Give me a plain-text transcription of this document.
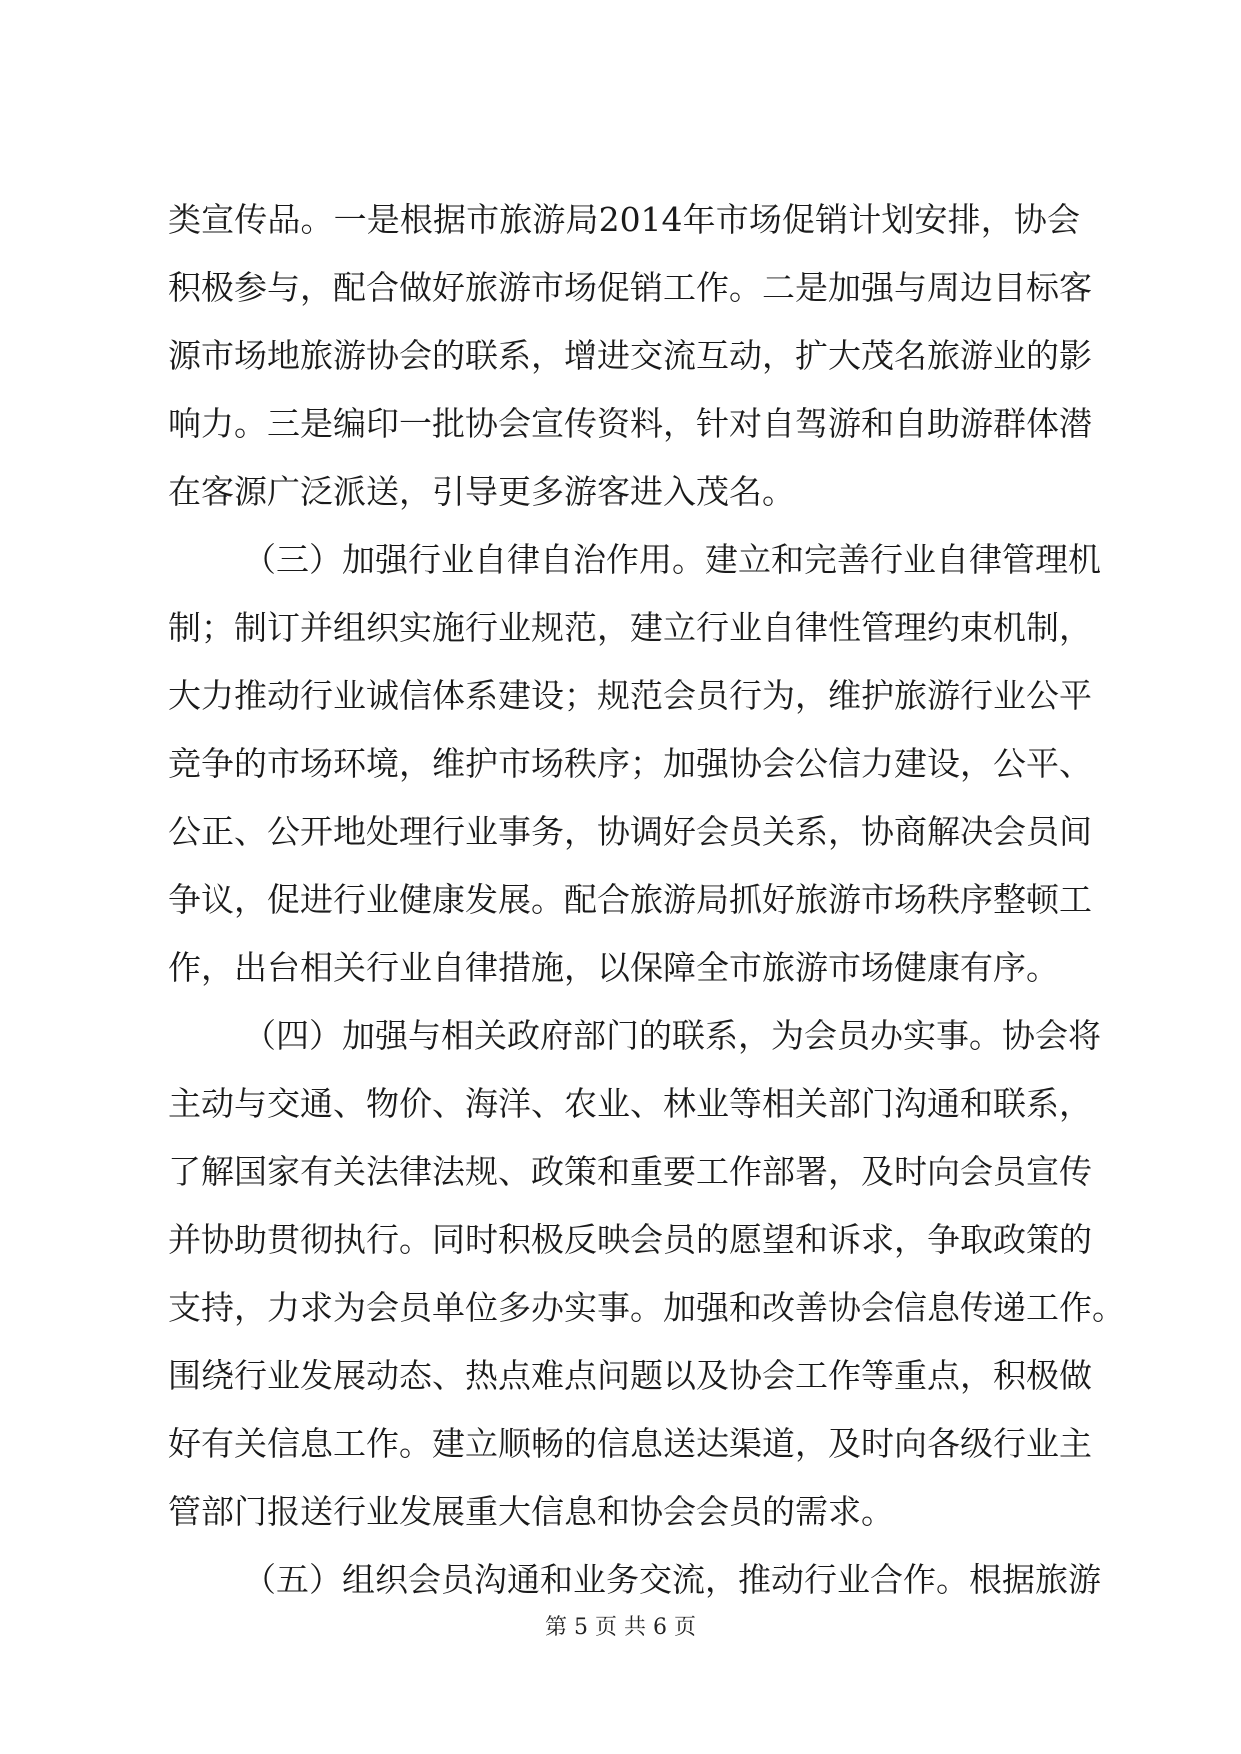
类宣传品。一是根据市旅游局2014年市场促销计划安排，协会
积极参与，配合做好旅游市场促销工作。二是加强与周边目标客
源市场地旅游协会的联系，增进交流互动，扩大茂名旅游业的影
响力。三是编印一批协会宣传资料，针对自驾游和自助游群体潜
在客源广泛派送，引导更多游客进入茂名。
（三）加强行业自律自治作用。建立和完善行业自律管理机
制；制订并组织实施行业规范，建立行业自律性管理约束机制，
大力推动行业诚信体系建设；规范会员行为，维护旅游行业公平
竞争的市场环境，维护市场秩序；加强协会公信力建设，公平、
公正、公开地处理行业事务，协调好会员关系，协商解决会员间
争议，促进行业健康发展。配合旅游局抓好旅游市场秩序整顿工
作，出台相关行业自律措施，以保障全市旅游市场健康有序。
（四）加强与相关政府部门的联系，为会员办实事。协会将
主动与交通、物价、海洋、农业、林业等相关部门沟通和联系，
了解国家有关法律法规、政策和重要工作部署，及时向会员宣传
并协助贯彻执行。同时积极反映会员的愿望和诉求，争取政策的
支持，力求为会员单位多办实事。加强和改善协会信息传递工作。
围绕行业发展动态、热点难点问题以及协会工作等重点，积极做
好有关信息工作。建立顺畅的信息送达渠道，及时向各级行业主
管部门报送行业发展重大信息和协会会员的需求。
（五）组织会员沟通和业务交流，推动行业合作。根据旅游
第 5 页 共 6 页
